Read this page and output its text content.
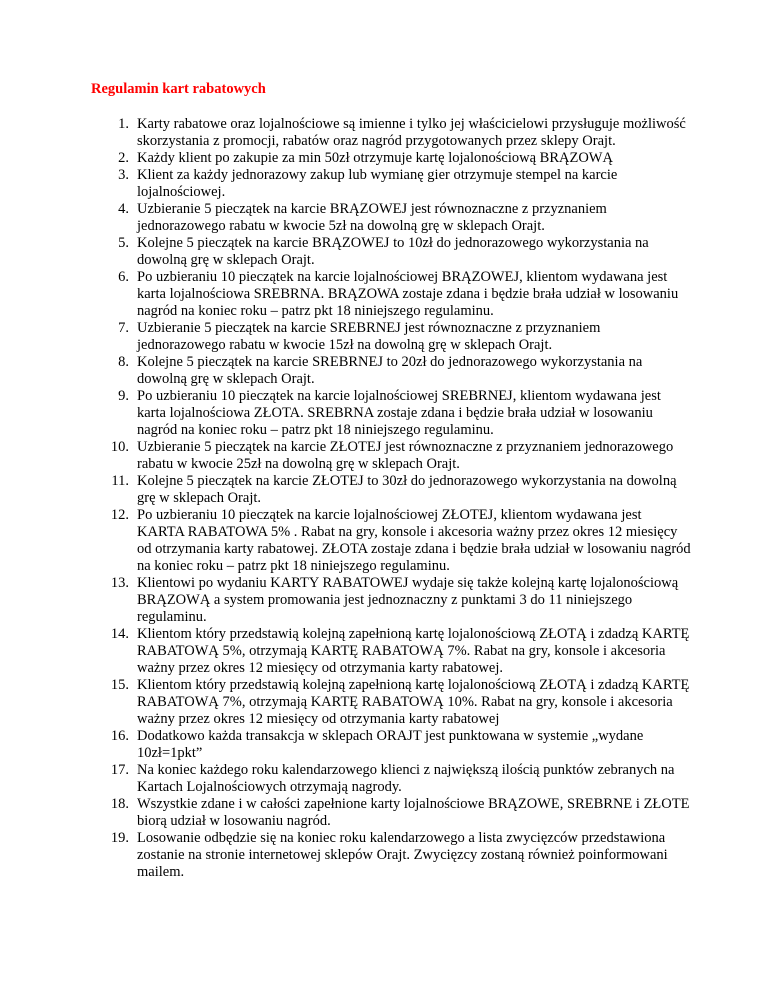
Regulamin kart rabatowych
1. Karty rabatowe oraz lojalnościowe są imienne i tylko jej właścicielowi przysługuje możliwość skorzystania z promocji, rabatów oraz nagród przygotowanych przez sklepy Orajt.
2. Każdy klient po zakupie za min 50zł otrzymuje kartę lojalonościową BRĄZOWĄ
3. Klient za każdy jednorazowy zakup lub wymianę gier otrzymuje stempel na karcie lojalnościowej.
4. Uzbieranie 5 pieczątek na karcie BRĄZOWEJ jest równoznaczne z przyznaniem jednorazowego rabatu w kwocie 5zł na dowolną grę w sklepach Orajt.
5. Kolejne 5 pieczątek na karcie BRĄZOWEJ to 10zł do jednorazowego wykorzystania na dowolną grę w sklepach Orajt.
6. Po uzbieraniu 10 pieczątek na karcie lojalnościowej BRĄZOWEJ, klientom wydawana jest karta lojalnościowa SREBRNA. BRĄZOWA zostaje zdana i będzie brała udział w losowaniu nagród na koniec roku – patrz pkt 18 niniejszego regulaminu.
7. Uzbieranie 5 pieczątek na karcie SREBRNEJ jest równoznaczne z przyznaniem jednorazowego rabatu w kwocie 15zł na dowolną grę w sklepach Orajt.
8. Kolejne 5 pieczątek na karcie SREBRNEJ to 20zł do jednorazowego wykorzystania na dowolną grę w sklepach Orajt.
9. Po uzbieraniu 10 pieczątek na karcie lojalnościowej SREBRNEJ, klientom wydawana jest karta lojalnościowa ZŁOTA. SREBRNA zostaje zdana i będzie brała udział w losowaniu nagród na koniec roku – patrz pkt 18 niniejszego regulaminu.
10. Uzbieranie 5 pieczątek na karcie ZŁOTEJ jest równoznaczne z przyznaniem jednorazowego rabatu w kwocie 25zł na dowolną grę w sklepach Orajt.
11. Kolejne 5 pieczątek na karcie ZŁOTEJ to 30zł do jednorazowego wykorzystania na dowolną grę w sklepach Orajt.
12. Po uzbieraniu 10 pieczątek na karcie lojalnościowej ZŁOTEJ, klientom wydawana jest KARTA RABATOWA 5% . Rabat na gry, konsole i akcesoria ważny przez okres 12 miesięcy od otrzymania karty rabatowej. ZŁOTA zostaje zdana i będzie brała udział w losowaniu nagród na koniec roku – patrz pkt 18 niniejszego regulaminu.
13. Klientowi po wydaniu KARTY RABATOWEJ wydaje się także kolejną kartę lojalonościową BRĄZOWĄ a system promowania jest jednoznaczny z punktami 3 do 11 niniejszego regulaminu.
14. Klientom który przedstawią kolejną zapełnioną kartę lojalonościową ZŁOTĄ i zdadzą KARTĘ RABATOWĄ 5%, otrzymają KARTĘ RABATOWĄ 7%. Rabat na gry, konsole i akcesoria ważny przez okres 12 miesięcy od otrzymania karty rabatowej.
15. Klientom który przedstawią kolejną zapełnioną kartę lojalonościową ZŁOTĄ i zdadzą KARTĘ RABATOWĄ 7%, otrzymają KARTĘ RABATOWĄ 10%. Rabat na gry, konsole i akcesoria ważny przez okres 12 miesięcy od otrzymania karty rabatowej
16. Dodatkowo każda transakcja w sklepach ORAJT jest punktowana w systemie „wydane 10zł=1pkt”
17. Na koniec każdego roku kalendarzowego klienci z największą ilością punktów zebranych na Kartach Lojalnościowych otrzymają nagrody.
18. Wszystkie zdane i w całości zapełnione karty lojalnościowe BRĄZOWE, SREBRNE i ZŁOTE biorą udział w losowaniu nagród.
19. Losowanie odbędzie się na koniec roku kalendarzowego a lista zwycięzców przedstawiona zostanie na stronie internetowej sklepów Orajt. Zwycięzcy zostaną również poinformowani mailem.
